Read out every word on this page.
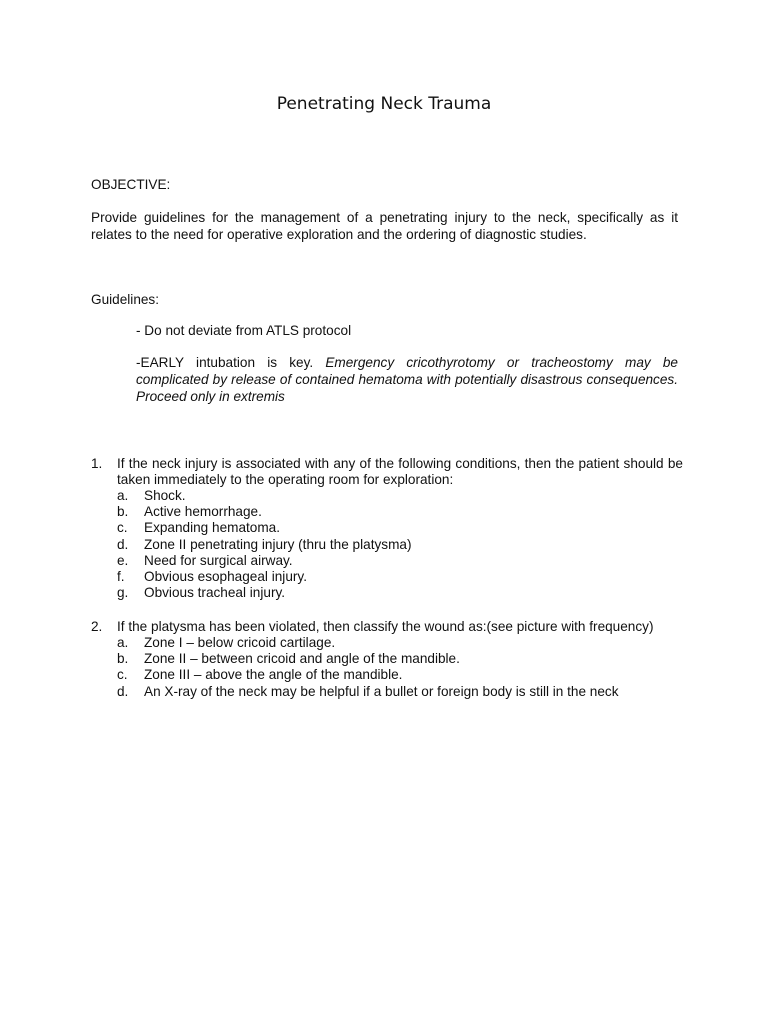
Penetrating Neck Trauma

OBJECTIVE:

Provide guidelines for the management of a penetrating injury to the neck, specifically as it relates to the need for operative exploration and the ordering of diagnostic studies.

Guidelines:

- Do not deviate from ATLS protocol

-EARLY intubation is key. Emergency cricothyrotomy or tracheostomy may be complicated by release of contained hematoma with potentially disastrous consequences. Proceed only in extremis

1. If the neck injury is associated with any of the following conditions, then the patient should be taken immediately to the operating room for exploration:
a. Shock.
b. Active hemorrhage.
c. Expanding hematoma.
d. Zone II penetrating injury (thru the platysma)
e. Need for surgical airway.
f. Obvious esophageal injury.
g. Obvious tracheal injury.
2. If the platysma has been violated, then classify the wound as:(see picture with frequency)
a. Zone I – below cricoid cartilage.
b. Zone II – between cricoid and angle of the mandible.
c. Zone III – above the angle of the mandible.
d. An X-ray of the neck may be helpful if a bullet or foreign body is still in the neck
